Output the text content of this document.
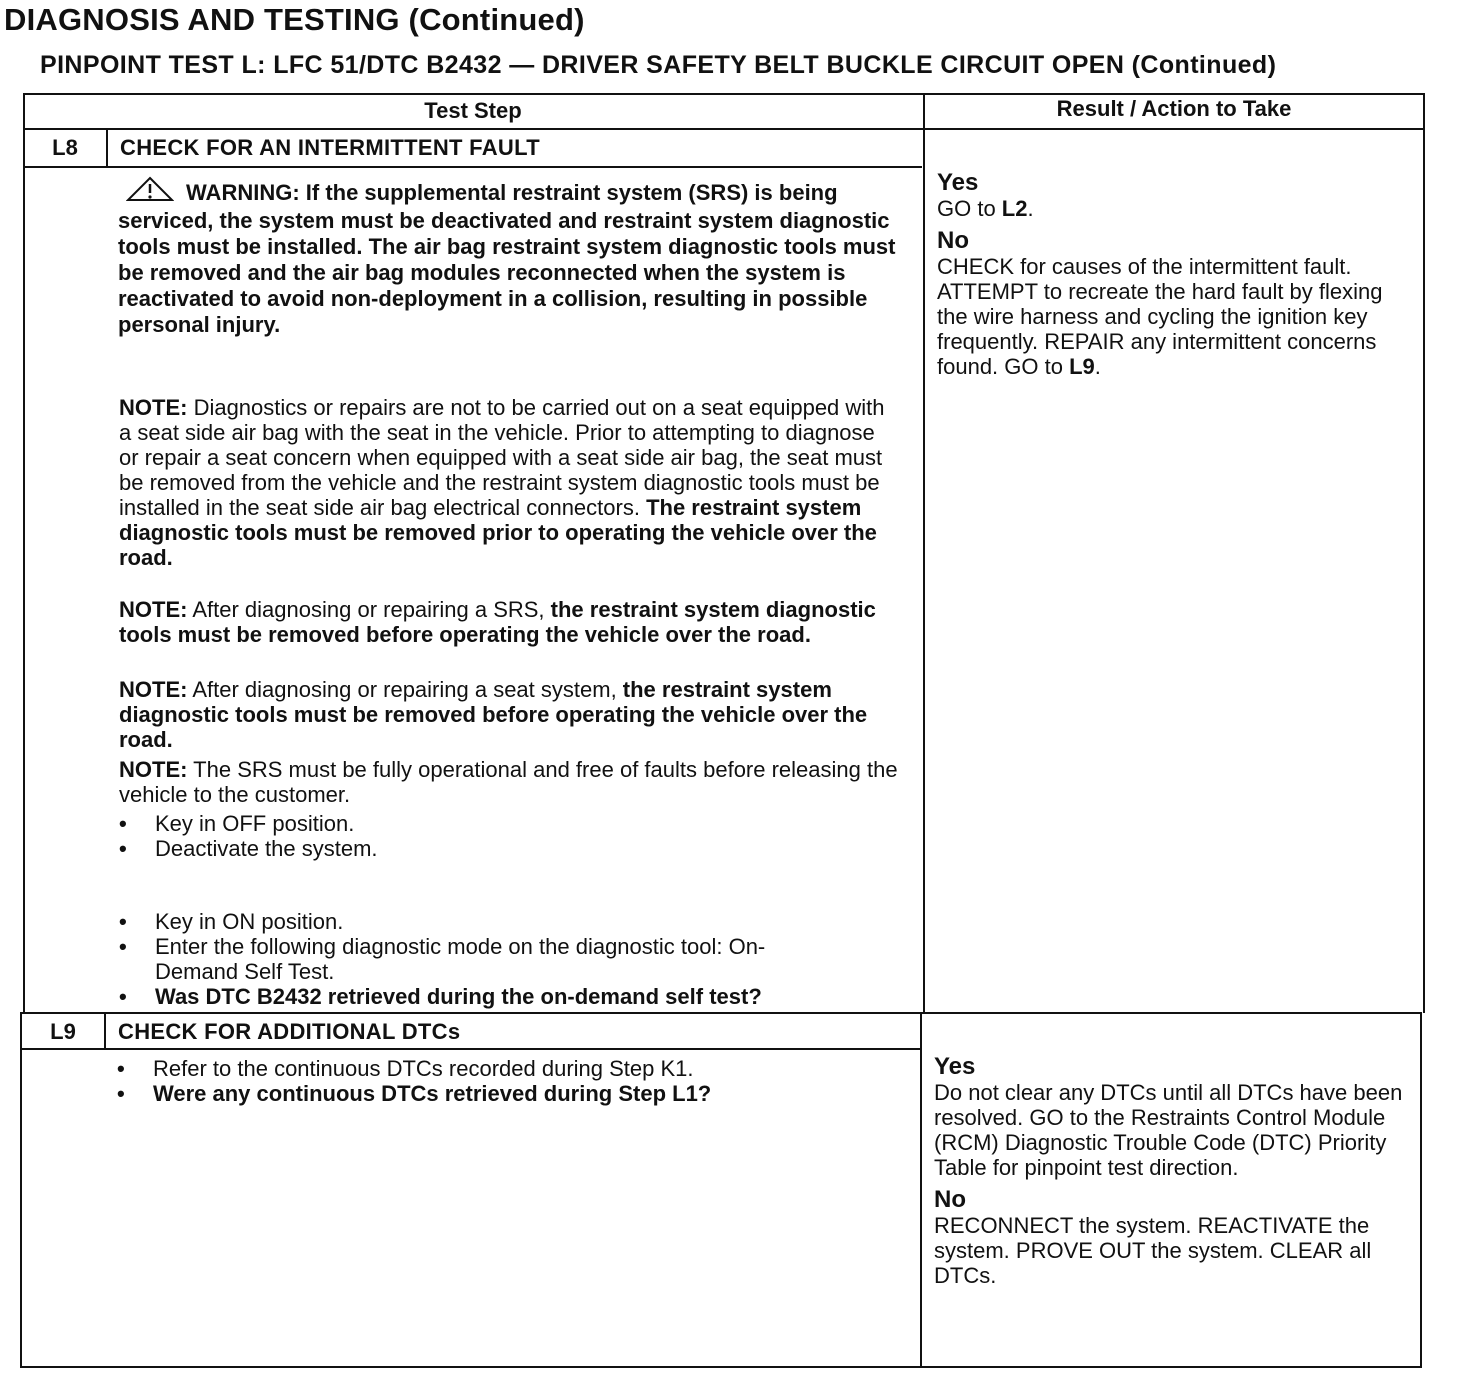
DIAGNOSIS AND TESTING (Continued)
PINPOINT TEST L: LFC 51/DTC B2432 — DRIVER SAFETY BELT BUCKLE CIRCUIT OPEN (Continued)
Test Step	Result / Action to Take
L8	CHECK FOR AN INTERMITTENT FAULT
WARNING: If the supplemental restraint system (SRS) is being serviced, the system must be deactivated and restraint system diagnostic tools must be installed. The air bag restraint system diagnostic tools must be removed and the air bag modules reconnected when the system is reactivated to avoid non-deployment in a collision, resulting in possible personal injury.
NOTE: Diagnostics or repairs are not to be carried out on a seat equipped with a seat side air bag with the seat in the vehicle. Prior to attempting to diagnose or repair a seat concern when equipped with a seat side air bag, the seat must be removed from the vehicle and the restraint system diagnostic tools must be installed in the seat side air bag electrical connectors. The restraint system diagnostic tools must be removed prior to operating the vehicle over the road.
NOTE: After diagnosing or repairing a SRS, the restraint system diagnostic tools must be removed before operating the vehicle over the road.
NOTE: After diagnosing or repairing a seat system, the restraint system diagnostic tools must be removed before operating the vehicle over the road.
NOTE: The SRS must be fully operational and free of faults before releasing the vehicle to the customer.
• Key in OFF position.
• Deactivate the system.
• Key in ON position.
• Enter the following diagnostic mode on the diagnostic tool: On-Demand Self Test.
• Was DTC B2432 retrieved during the on-demand self test?
Yes
GO to L2.
No
CHECK for causes of the intermittent fault. ATTEMPT to recreate the hard fault by flexing the wire harness and cycling the ignition key frequently. REPAIR any intermittent concerns found. GO to L9.
L9	CHECK FOR ADDITIONAL DTCs
• Refer to the continuous DTCs recorded during Step K1.
• Were any continuous DTCs retrieved during Step L1?
Yes
Do not clear any DTCs until all DTCs have been resolved. GO to the Restraints Control Module (RCM) Diagnostic Trouble Code (DTC) Priority Table for pinpoint test direction.
No
RECONNECT the system. REACTIVATE the system. PROVE OUT the system. CLEAR all DTCs.
